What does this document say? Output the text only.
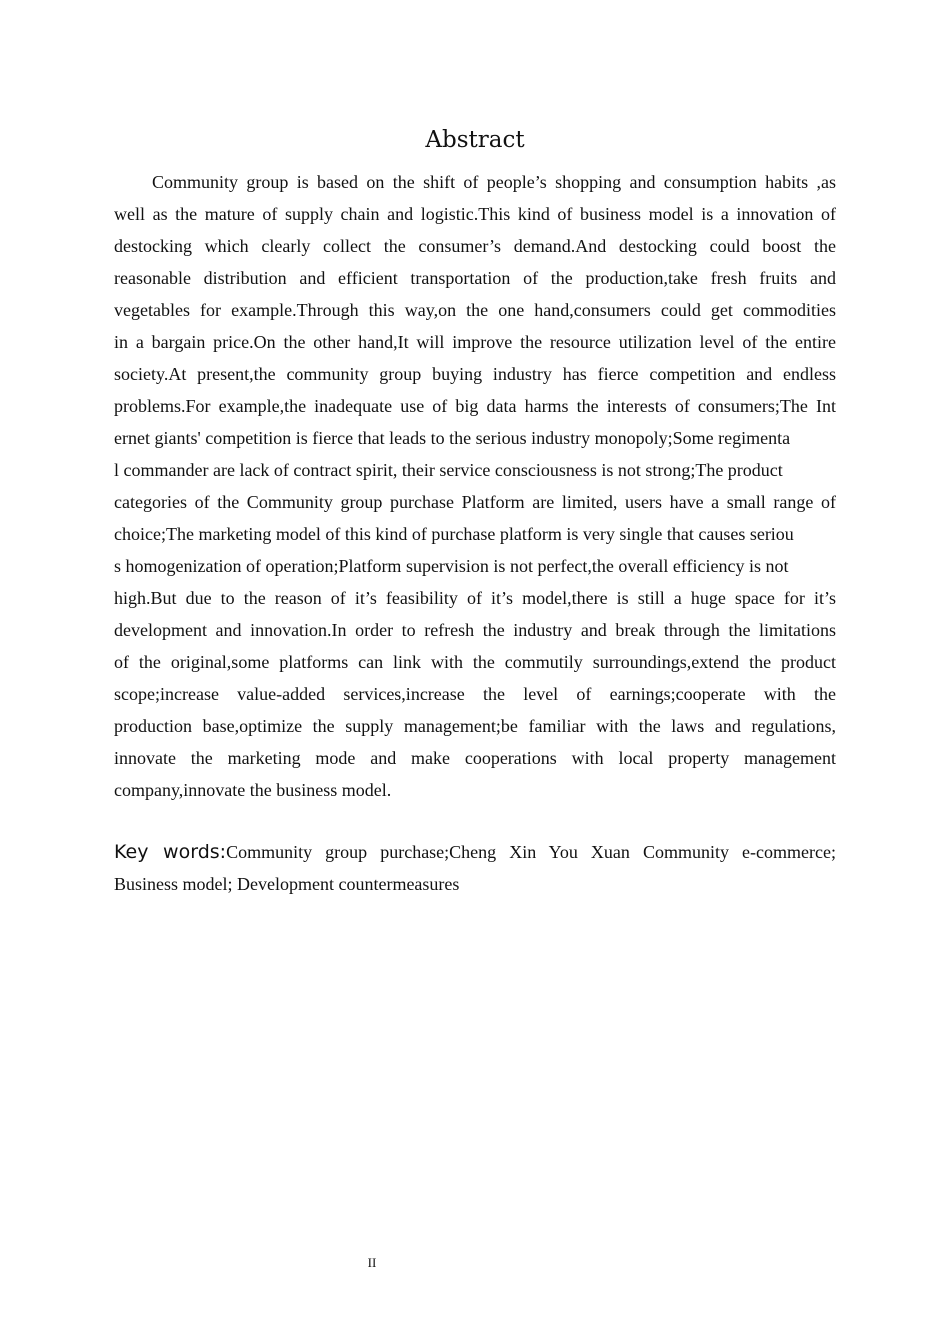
Abstract
Community group is based on the shift of people’s shopping and consumption habits ,as
well as the mature of supply chain and logistic.This kind of business model is a innovation of
destocking which clearly collect the consumer’s demand.And destocking could boost the
reasonable distribution and efficient transportation of the production,take fresh fruits and
vegetables for example.Through this way,on the one hand,consumers could get commodities
in a bargain price.On the other hand,It will improve the resource utilization level of the entire
society.At present,the community group buying industry has fierce competition and endless
problems.For example,the inadequate use of big data harms the interests of consumers;The Int
ernet giants' competition is fierce that leads to the serious industry monopoly;Some regimenta
l commander are lack of contract spirit, their service consciousness is not strong;The product
categories of the Community group purchase Platform are limited, users have a small range of
choice;The marketing model of this kind of purchase platform is very single that causes seriou
s homogenization of operation;Platform supervision is not perfect,the overall efficiency is not
high.But due to the reason of it’s feasibility of it’s model,there is still a huge space for it’s
development and innovation.In order to refresh the industry and break through the limitations
of the original,some platforms can link with the commutily surroundings,extend the product
scope;increase value-added services,increase the level of earnings;cooperate with the
production base,optimize the supply management;be familiar with the laws and regulations,
innovate the marketing mode and make cooperations with local property management
company,innovate the business model.
Key words:Community group purchase;Cheng Xin You Xuan Community e-commerce;
Business model; Development countermeasures
II
